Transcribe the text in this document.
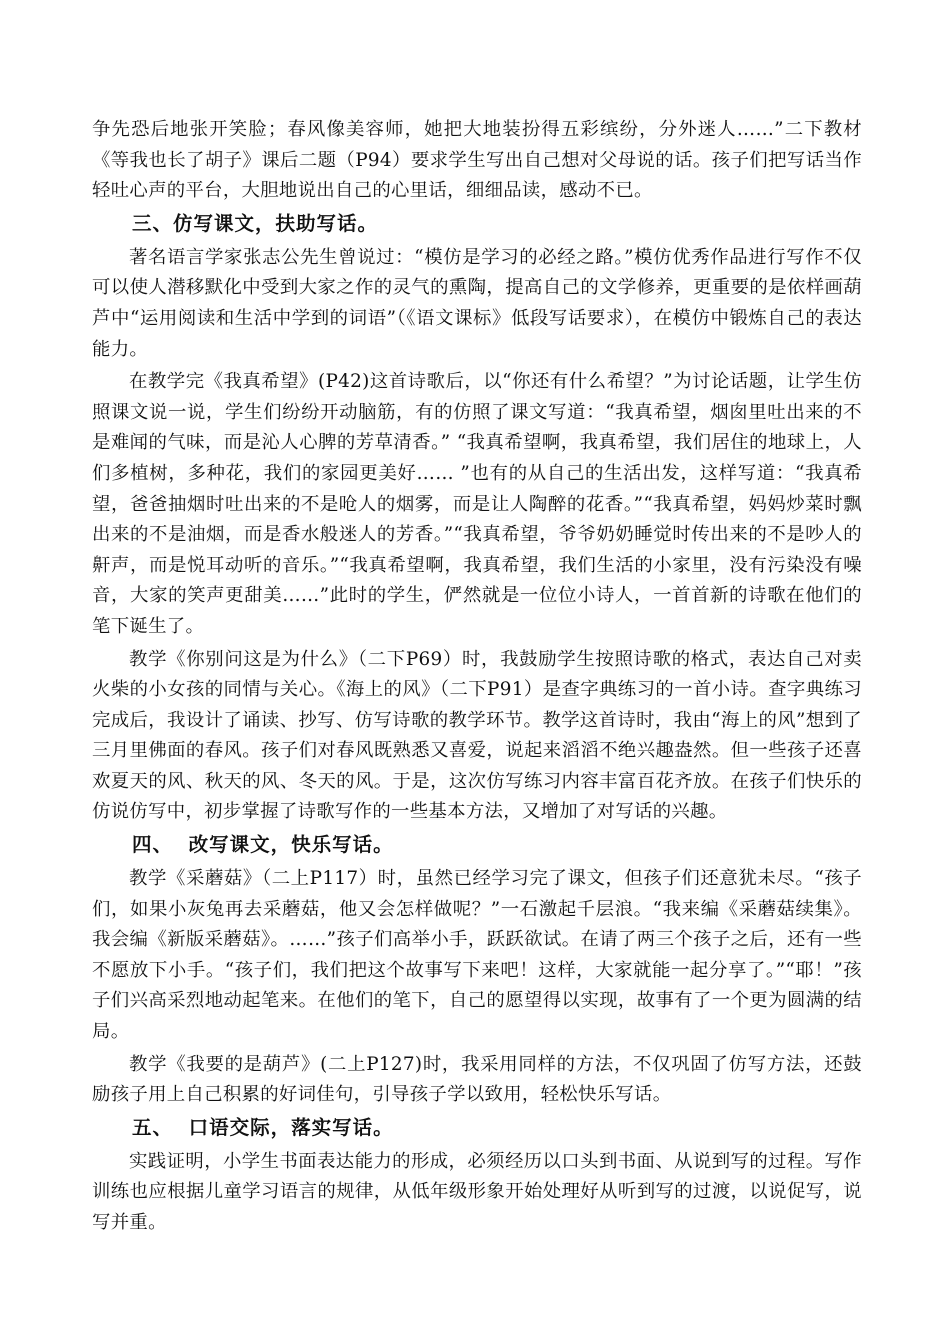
争先恐后地张开笑脸；春风像美容师，她把大地装扮得五彩缤纷，分外迷人……”二下教材《等我也长了胡子》课后二题（P94）要求学生写出自己想对父母说的话。孩子们把写话当作轻吐心声的平台，大胆地说出自己的心里话，细细品读，感动不已。

三、仿写课文，扶助写话。

著名语言学家张志公先生曾说过：“模仿是学习的必经之路。”模仿优秀作品进行写作不仅可以使人潜移默化中受到大家之作的灵气的熏陶，提高自己的文学修养，更重要的是依样画葫芦中“运用阅读和生活中学到的词语”（《语文课标》低段写话要求），在模仿中锻炼自己的表达能力。

在教学完《我真希望》(P42)这首诗歌后，以“你还有什么希望？”为讨论话题，让学生仿照课文说一说，学生们纷纷开动脑筋，有的仿照了课文写道：“我真希望，烟囱里吐出来的不是难闻的气味，而是沁人心脾的芳草清香。” “我真希望啊，我真希望，我们居住的地球上，人们多植树，多种花，我们的家园更美好…… ”也有的从自己的生活出发，这样写道：“我真希望，爸爸抽烟时吐出来的不是呛人的烟雾，而是让人陶醉的花香。”“我真希望，妈妈炒菜时飘出来的不是油烟，而是香水般迷人的芳香。”“我真希望，爷爷奶奶睡觉时传出来的不是吵人的鼾声，而是悦耳动听的音乐。”“我真希望啊，我真希望，我们生活的小家里，没有污染没有噪音，大家的笑声更甜美……”此时的学生，俨然就是一位位小诗人，一首首新的诗歌在他们的笔下诞生了。

教学《你别问这是为什么》（二下P69）时，我鼓励学生按照诗歌的格式，表达自己对卖火柴的小女孩的同情与关心。《海上的风》（二下P91）是查字典练习的一首小诗。查字典练习完成后，我设计了诵读、抄写、仿写诗歌的教学环节。教学这首诗时，我由“海上的风”想到了三月里佛面的春风。孩子们对春风既熟悉又喜爱，说起来滔滔不绝兴趣盎然。但一些孩子还喜欢夏天的风、秋天的风、冬天的风。于是，这次仿写练习内容丰富百花齐放。在孩子们快乐的仿说仿写中，初步掌握了诗歌写作的一些基本方法，又增加了对写话的兴趣。

四、  改写课文，快乐写话。

教学《采蘑菇》（二上P117）时，虽然已经学习完了课文，但孩子们还意犹未尽。“孩子们，如果小灰兔再去采蘑菇，他又会怎样做呢？”一石激起千层浪。“我来编《采蘑菇续集》。我会编《新版采蘑菇》。……”孩子们高举小手，跃跃欲试。在请了两三个孩子之后，还有一些不愿放下小手。“孩子们，我们把这个故事写下来吧！这样，大家就能一起分享了。”“耶！”孩子们兴高采烈地动起笔来。在他们的笔下，自己的愿望得以实现，故事有了一个更为圆满的结局。

教学《我要的是葫芦》(二上P127)时，我采用同样的方法，不仅巩固了仿写方法，还鼓励孩子用上自己积累的好词佳句，引导孩子学以致用，轻松快乐写话。

五、  口语交际，落实写话。

实践证明，小学生书面表达能力的形成，必须经历以口头到书面、从说到写的过程。写作训练也应根据儿童学习语言的规律，从低年级形象开始处理好从听到写的过渡，以说促写，说写并重。
